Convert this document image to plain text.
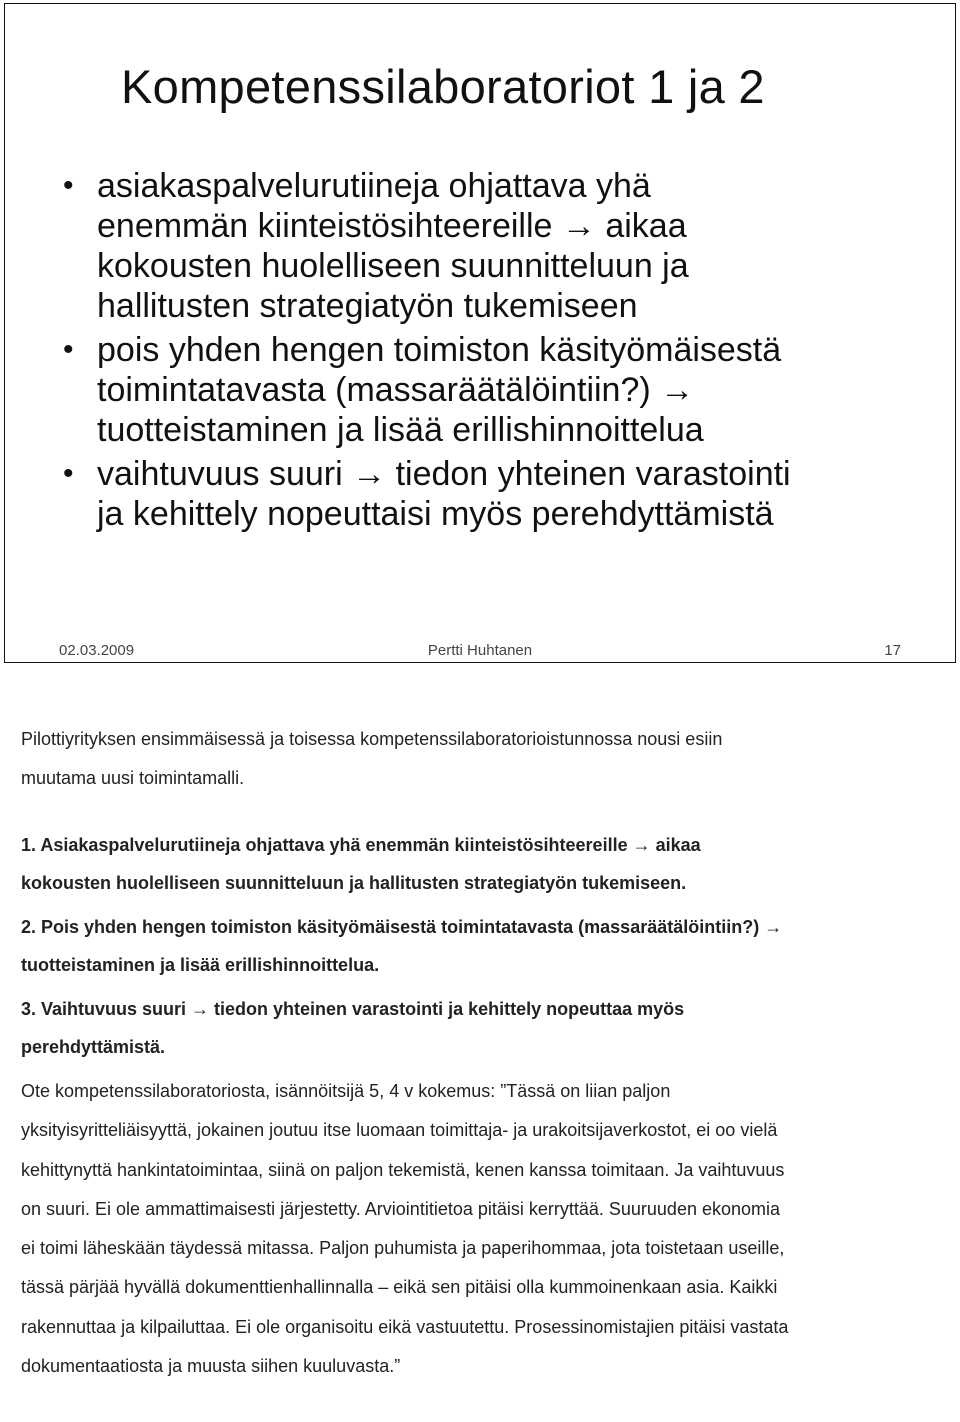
Kompetenssilaboratoriot 1 ja 2
• asiakaspalvelurutiineja ohjattava yhä
enemmän kiinteistösihteereille → aikaa
kokousten huolelliseen suunnitteluun ja
hallitusten strategiatyön tukemiseen
• pois yhden hengen toimiston käsityömäisestä
toimintatavasta (massaräätälöintiin?) →
tuotteistaminen ja lisää erillishinnoittelua
• vaihtuvuus suuri → tiedon yhteinen varastointi
ja kehittely nopeuttaisi myös perehdyttämistä
02.03.2009	Pertti Huhtanen	17

Pilottiyrityksen ensimmäisessä ja toisessa kompetenssilaboratorioistunnossa nousi esiin

muutama uusi toimintamalli.

1. Asiakaspalvelurutiineja ohjattava yhä enemmän kiinteistösihteereille → aikaa

kokousten huolelliseen suunnitteluun ja hallitusten strategiatyön tukemiseen.

2. Pois yhden hengen toimiston käsityömäisestä toimintatavasta (massaräätälöintiin?) →

tuotteistaminen ja lisää erillishinnoittelua.

3. Vaihtuvuus suuri → tiedon yhteinen varastointi ja kehittely nopeuttaa myös

perehdyttämistä.

Ote kompetenssilaboratoriosta, isännöitsijä 5, 4 v kokemus: ”Tässä on liian paljon

yksityisyritteliäisyyttä, jokainen joutuu itse luomaan toimittaja- ja urakoitsijaverkostot, ei oo vielä

kehittynyttä hankintatoimintaa, siinä on paljon tekemistä, kenen kanssa toimitaan. Ja vaihtuvuus

on suuri. Ei ole ammattimaisesti järjestetty. Arviointitietoa pitäisi kerryttää. Suuruuden ekonomia

ei toimi läheskään täydessä mitassa. Paljon puhumista ja paperihommaa, jota toistetaan useille,

tässä pärjää hyvällä dokumenttienhallinnalla – eikä sen pitäisi olla kummoinenkaan asia. Kaikki

rakennuttaa ja kilpailuttaa. Ei ole organisoitu eikä vastuutettu. Prosessinomistajien pitäisi vastata

dokumentaatiosta ja muusta siihen kuuluvasta.”
